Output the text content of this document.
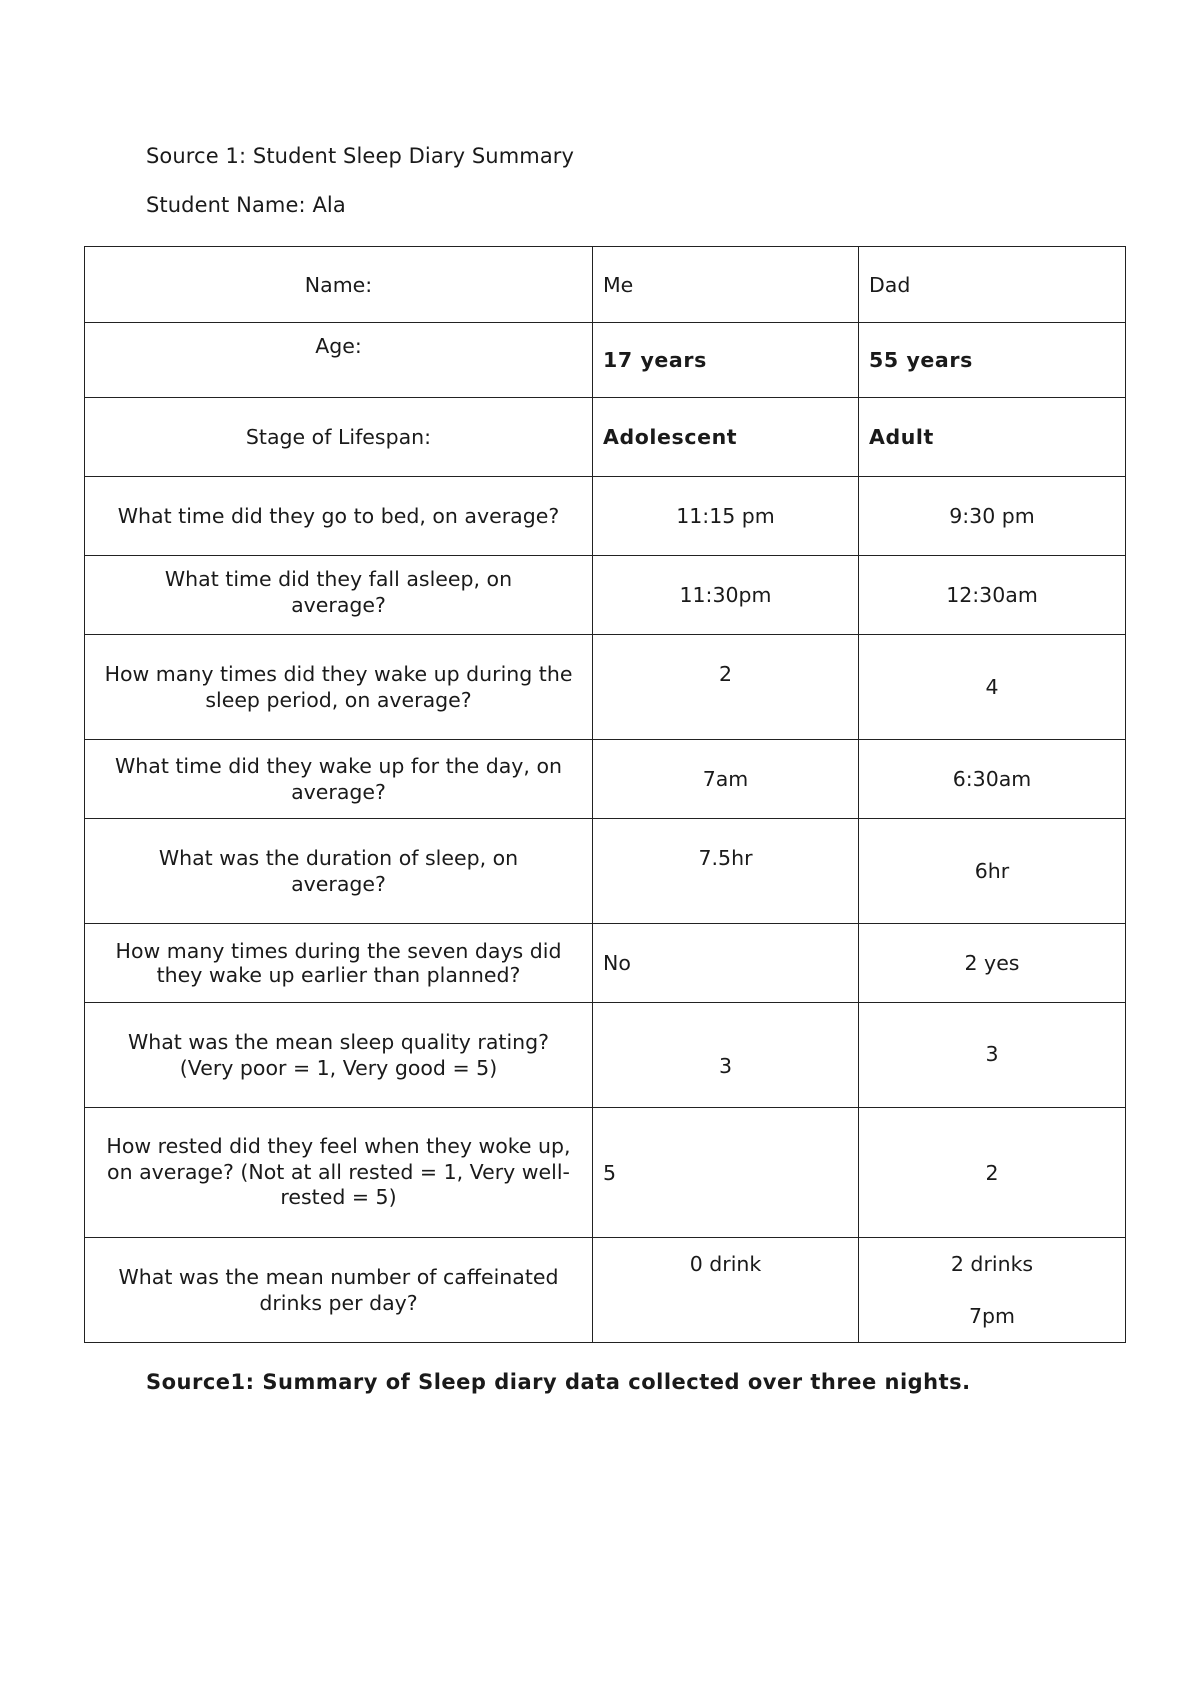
Source 1: Student Sleep Diary Summary
Student Name: Ala
Name:	Me	Dad
Age:	17 years	55 years
Stage of Lifespan:	Adolescent	Adult
What time did they go to bed, on average?	11:15 pm	9:30 pm
What time did they fall asleep, on average?	11:30pm	12:30am
How many times did they wake up during the sleep period, on average?	2	4
What time did they wake up for the day, on average?	7am	6:30am
What was the duration of sleep, on average?	7.5hr	6hr
How many times during the seven days did they wake up earlier than planned?	No	2 yes
What was the mean sleep quality rating? (Very poor = 1, Very good = 5)	3	3
How rested did they feel when they woke up, on average? (Not at all rested = 1, Very well-rested = 5)	5	2
What was the mean number of caffeinated drinks per day?	0 drink	2 drinks
7pm
Source1: Summary of Sleep diary data collected over three nights.
